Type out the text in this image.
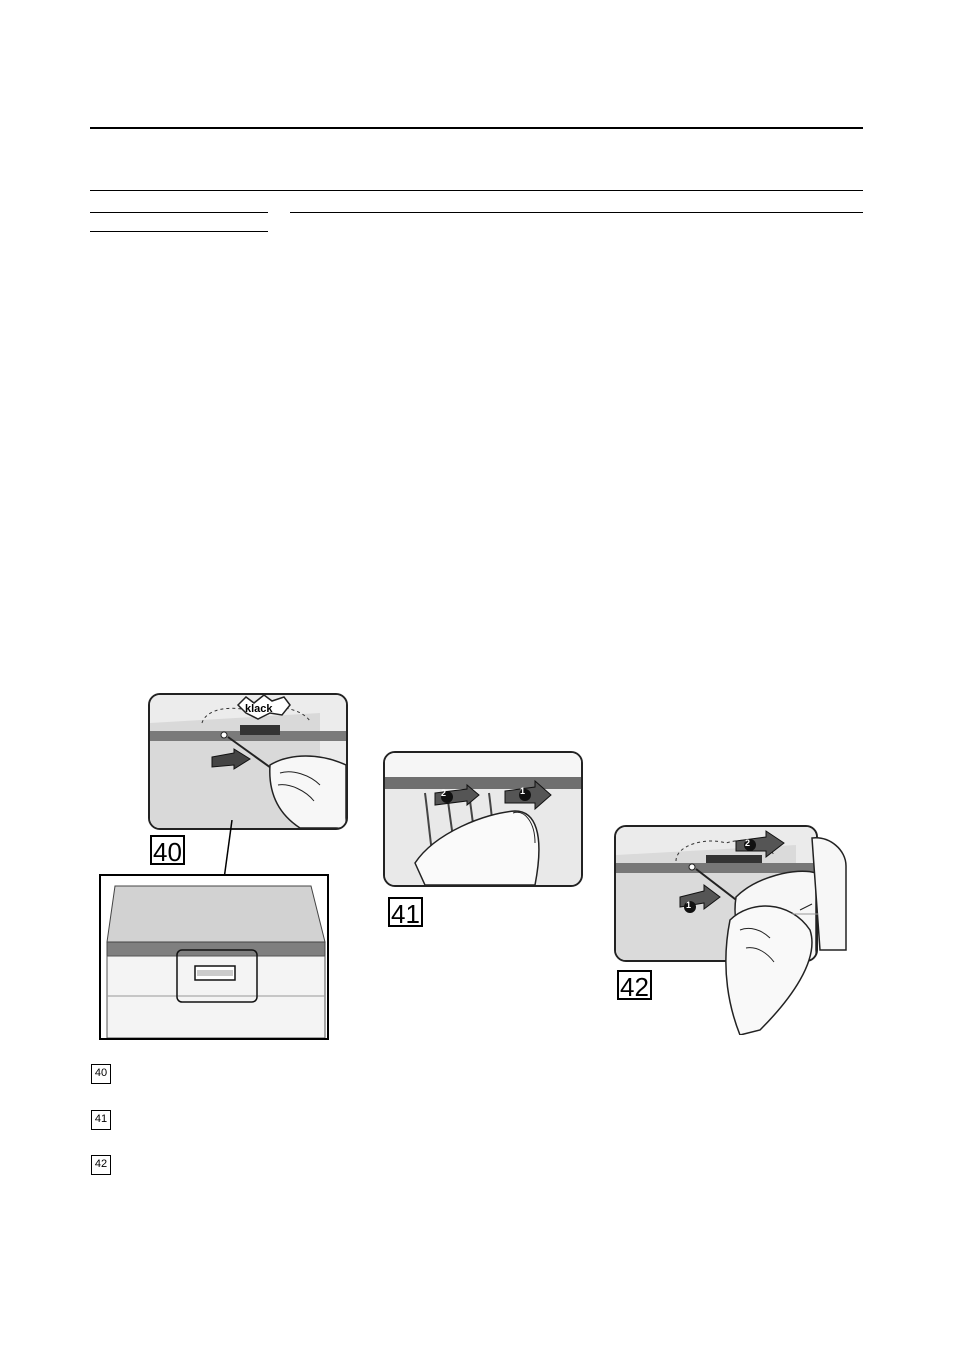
klack
40
2	1
41
2
1
42
40
41
42
